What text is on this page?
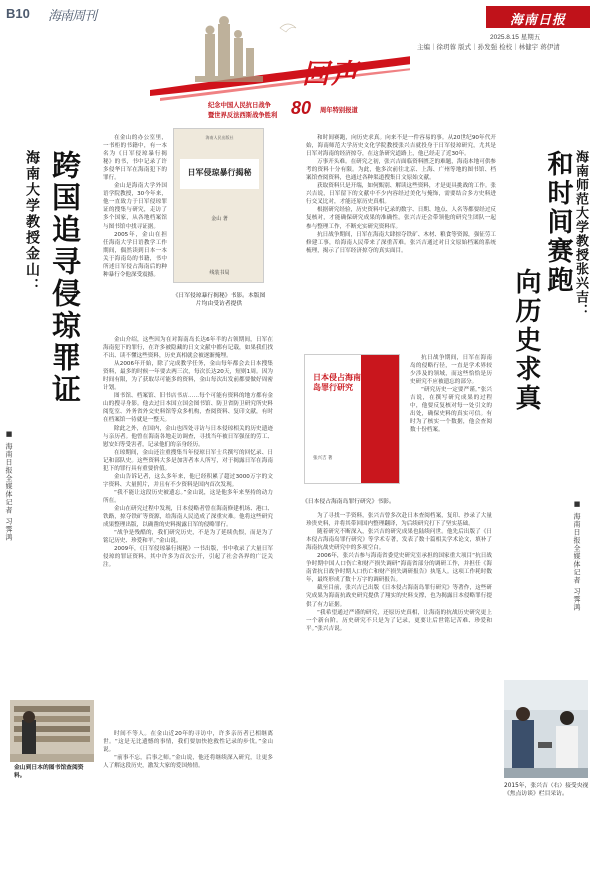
B10 海南周刊	海南日报
2025.8.15 星期五
主编｜徐玥蓉 版式｜孙发强 检校｜林健宇 蒋伊清
回声
纪念中国人民抗日战争
暨世界反法西斯战争胜利 80 周年特别报道
跨国追寻侵琼罪证
海南大学教授金山：
■ 海南日报全媒体记者 习霁鸿

在金山的办公室里，一书柜的书籍中，有一本名为《日军侵琼暴行揭秘》的书，书中记录了许多侵华日军在海南犯下的罪行。

金山是海南大学外国语学院教授，30今年来，他一直致力于日军侵琼罪证的搜集与研究，走访了多个国家，从各地档案馆与图书馆中找寻证据。

2005年，金山在担任海南大学日语教学工作期间，偶然读到日本一本关于海南岛的书籍，书中所述日军侵占海南后的种种暴行令他深受震撼。

海南人民出版社
日军侵琼暴行揭秘
金山 著
线装书局
《日军侵琼暴行揭秘》书影。本版图片均由受访者提供

金山介绍，这些因为在对海南岛长达6年半的占领期间，日军在海南犯下的罪行，在许多被隐藏的日文文献中都有记载，如果我们找不出、读不懂这些资料，历史真相就会被逐渐掩埋。

从2006年开始，除了完成教学任务，金山每年都会去日本搜集资料，最多的时候一年要去两三次，每次长达20天，短则1周。因为时间有限，为了获取尽可能多的资料，金山每次出发前都要做好周密计划。

图书馆、档案馆、旧书店书店……每个可能有资料的地方都有金山的搜寻身影。他去过日本国立国会图书馆、防卫省防卫研究所史料阅览室、外务省外交史料馆等众多机构，查阅资料、复印文献，有时在档案馆一待就是一整天。

除此之外，在国内，金山也四处寻访与日本侵琼相关的历史遗迹与亲历者。他曾在海南各地走访调查，寻找当年被日军强征的劳工、慰安妇等受害者，记录他们的亲身经历。

在琼期间，金山还注重搜集当年侵琼日军士兵撰写的回忆录、日记和部队史。这些资料大多是加害者本人所写，对于揭露日军在海南犯下的罪行具有重要价值。

金山告诉记者，这么多年来，他已经积累了超过3000万字的文字资料、大量照片，并且有不少资料是国内首次发现。

“我不能让这段历史被遗忘。”金山说，这是他多年来坚持的动力所在。

金山在研究过程中发现，日本侵略者曾在海南修建机场、港口、铁路，掠夺铁矿等资源，给海南人民造成了深重灾难。他将这些研究成果整理出版，以确凿的史料揭露日军的侵略罪行。

“战争是残酷的，我们研究历史，不是为了延续仇恨，而是为了铭记历史、珍爱和平。”金山说。

2009年，《日军侵琼暴行揭秘》一书出版，书中收录了大量日军侵琼的罪证资料，其中许多为首次公开，引起了社会各界的广泛关注。

金山到日本的图书馆查阅资料。

时间不等人。在金山近20年的寻访中，许多亲历者已相继离世。“这是无比遗憾的事情，我们要加快抢救性记录的步伐。”金山说。

“前事不忘，后事之师。”金山说，他还将继续深入研究，让更多人了解这段历史，激发大家的爱国热情。

和时间赛跑
向历史求真
海南师范大学教授张兴吉：
■ 海南日报全媒体记者 习霁鸿

和时间赛跑，向历史求真。向来不是一件容易的事。从20世纪90年代开始，海南师范大学历史文化学院教授张兴吉就投身于日军侵琼研究，尤其是日军对海南的经济掠夺，在这条研究道路上，他已经走了近30年。

万事开头难。在研究之初，张兴吉面临资料匮乏的难题，海南本地可供参考的资料十分有限。为此，他多次前往北京、上海、广州等地的图书馆、档案馆查阅资料，也通过各种渠道搜集日文原始文献。

获取资料只是开端，如何甄别、解读这些资料，才是更具挑战的工作。张兴吉说，日军留下的文献中不少内容经过美化与掩饰，需要结合多方史料进行交叉比对，才能还原历史真相。

根据研究经验，历史资料中记录的数字、日期、地点、人名等都要经过反复核对，才能确保研究成果的准确性。张兴吉还会带领他的研究生团队一起参与整理工作，不断充实研究资料库。

抗日战争期间，日军在海南大肆掠夺铁矿、木材、粮食等资源，强征劳工修建工事，给海南人民带来了深重苦难。张兴吉通过对日文原始档案的系统梳理，揭示了日军经济掠夺的真实面目。

日本侵占海南岛罪行研究
张兴吉 著
《日本侵占海南岛罪行研究》书影。

抗日战争期间，日军在海南岛的侵略行径，一直是学术界较少涉及的领域，而这些恰恰是历史研究不应被遗忘的部分。

“研究历史一定要严谨。”张兴吉说，在撰写研究成果的过程中，他要反复核对每一处引文的出处，确保史料的真实可信。有时为了核实一个数据，他会查阅数十份档案。

为了寻找一手资料，张兴吉曾多次赴日本查阅档案，复印、抄录了大量珍贵史料，并将其带回国内整理翻译，为后续研究打下了坚实基础。

随着研究不断深入，张兴吉的研究成果也陆续问世。他先后出版了《日本侵占海南岛罪行研究》等学术专著，发表了数十篇相关学术论文，填补了海南抗战史研究中的多项空白。

2006年，张兴吉参与海南省委党史研究室承担的国家重大项目“抗日战争时期中国人口伤亡和财产损失调研”海南省部分的调研工作，并担任《海南省抗日战争时期人口伤亡和财产损失调研报告》执笔人。这项工作耗时数年，最终形成了数十万字的调研报告。

截至目前，张兴吉已出版《日本侵占海南岛罪行研究》等著作，这些研究成果为海南抗战史研究提供了翔实的史料支撑，也为揭露日本侵略罪行提供了有力证据。

“我希望通过严谨的研究，还原历史真相，让海南的抗战历史研究更上一个新台阶。历史研究不只是为了记录，更要让后世铭记苦难、珍爱和平。”张兴吉说。

2015年，张兴吉（右）接受央视《焦点访谈》栏目采访。
